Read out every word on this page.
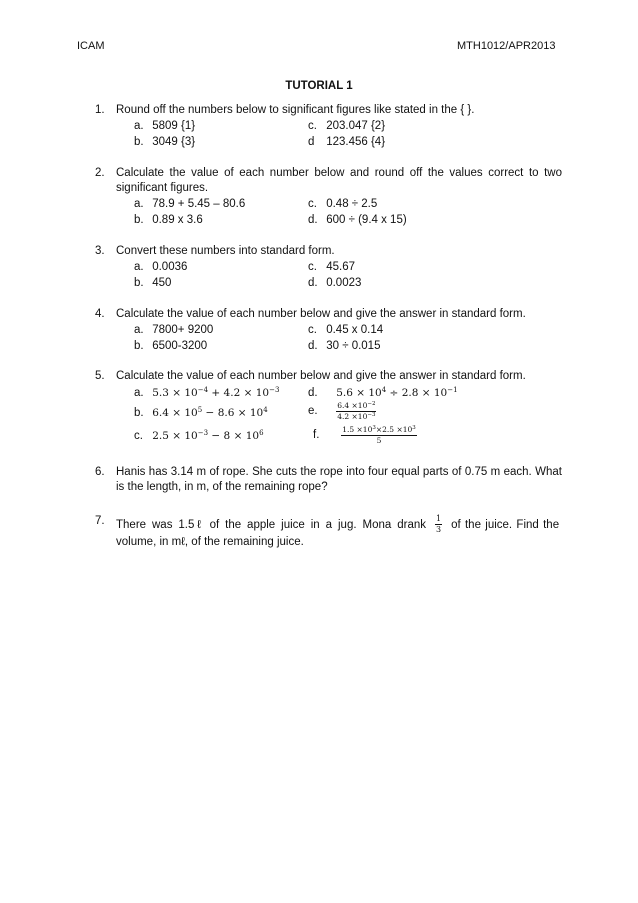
ICAM	MTH1012/APR2013
TUTORIAL 1
1. Round off the numbers below to significant figures like stated in the { }.
a. 5809 {1}
b. 3049 {3}
c. 203.047 {2}
d 123.456 {4}
2. Calculate the value of each number below and round off the values correct to two significant figures.
a. 78.9 + 5.45 – 80.6
b. 0.89 x 3.6
c. 0.48 ÷ 2.5
d. 600 ÷ (9.4 x 15)
3. Convert these numbers into standard form.
a. 0.0036
b. 450
c. 45.67
d. 0.0023
4. Calculate the value of each number below and give the answer in standard form.
a. 7800+ 9200
b. 6500-3200
c. 0.45 x 0.14
d. 30 ÷ 0.015
5. Calculate the value of each number below and give the answer in standard form.
a. $5.3 \times 10^{-4} + 4.2 \times 10^{-3}$
b. $6.4 \times 10^5 - 8.6 \times 10^4$
c. $2.5 \times 10^{-3} - 8 \times 10^6$
d. $5.6 \times 10^4 \div 2.8 \times 10^{-1}$
e. $\frac{6.4 \times 10^{-2}}{4.2 \times 10^{-3}}$
f.	$\frac{1.5 \times 10^3\times 2.5 \times 10^3}{5}$
6. Hanis has 3.14 m of rope. She cuts the rope into four equal parts of 0.75 m each. What is the length, in m, of the remaining rope?
7. There was 1.5ℓ of the apple juice in a jug. Mona drank $\frac{1}{3}$ of the juice. Find the
volume, in mℓ, of the remaining juice.
